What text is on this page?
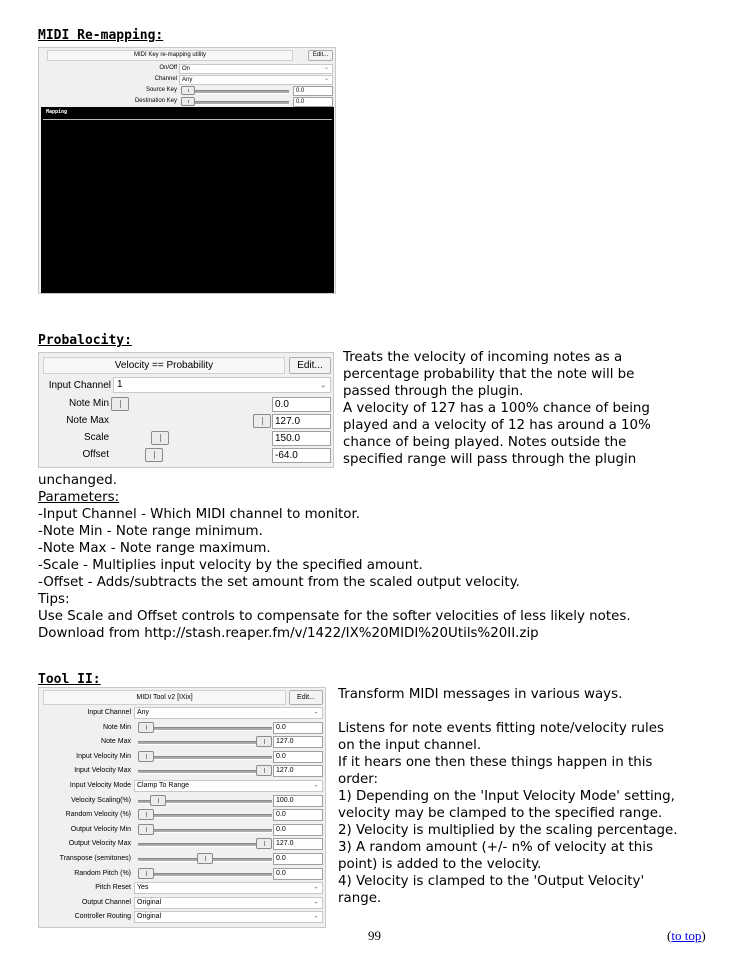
MIDI Re-mapping:
MIDI Key re-mapping utility	Edit...
On/Off On	⌄
Channel Any	⌄
Source Key	0.0
Destination Key	0.0
Mapping
Probalocity:
Velocity == Probability	Edit...
Input Channel 1	⌄
Note Min	0.0
Note Max	127.0
Scale	150.0
Offset	-64.0
Treats the velocity of incoming notes as a
percentage probability that the note will be
passed through the plugin.
A velocity of 127 has a 100% chance of being
played and a velocity of 12 has around a 10%
chance of being played. Notes outside the
specified range will pass through the plugin
unchanged.
Parameters:
-Input Channel - Which MIDI channel to monitor.
-Note Min - Note range minimum.
-Note Max - Note range maximum.
-Scale - Multiplies input velocity by the specified amount.
-Offset - Adds/subtracts the set amount from the scaled output velocity.
Tips:
Use Scale and Offset controls to compensate for the softer velocities of less likely notes.
Download from http://stash.reaper.fm/v/1422/IX%20MIDI%20Utils%20II.zip
Tool II:
MIDI Tool v2 [IXix]	Edit...
Input Channel Any	⌄
Note Min	0.0
Note Max	127.0
Input Velocity Min	0.0
Input Velocity Max	127.0
Input Velocity Mode Clamp To Range	⌄
Velocity Scaling(%)	100.0
Random Velocity (%)	0.0
Output Velocity Min	0.0
Output Velocity Max	127.0
Transpose (semitones)	0.0
Random Pitch (%)	0.0
Pitch Reset Yes	⌄
Output Channel Original	⌄
Controller Routing Original	⌄
Transform MIDI messages in various ways.
Listens for note events fitting note/velocity rules
on the input channel.
If it hears one then these things happen in this
order:
1) Depending on the 'Input Velocity Mode' setting,
velocity may be clamped to the specified range.
2) Velocity is multiplied by the scaling percentage.
3) A random amount (+/- n% of velocity at this
point) is added to the velocity.
4) Velocity is clamped to the 'Output Velocity'
range.
99	(to top)
